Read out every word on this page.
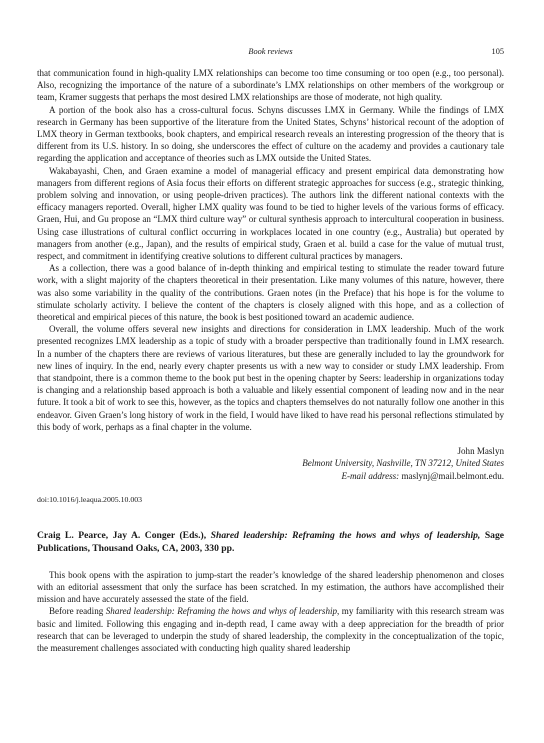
Book reviews	105

that communication found in high-quality LMX relationships can become too time consuming or too open (e.g., too personal). Also, recognizing the importance of the nature of a subordinate’s LMX relationships on other members of the workgroup or team, Kramer suggests that perhaps the most desired LMX relationships are those of moderate, not high quality.

A portion of the book also has a cross-cultural focus. Schyns discusses LMX in Germany. While the findings of LMX research in Germany has been supportive of the literature from the United States, Schyns’ historical recount of the adoption of LMX theory in German textbooks, book chapters, and empirical research reveals an interesting progression of the theory that is different from its U.S. history. In so doing, she underscores the effect of culture on the academy and provides a cautionary tale regarding the application and acceptance of theories such as LMX outside the United States.

Wakabayashi, Chen, and Graen examine a model of managerial efficacy and present empirical data demonstrating how managers from different regions of Asia focus their efforts on different strategic approaches for success (e.g., strategic thinking, problem solving and innovation, or using people-driven practices). The authors link the different national contexts with the efficacy managers reported. Overall, higher LMX quality was found to be tied to higher levels of the various forms of efficacy. Graen, Hui, and Gu propose an “LMX third culture way” or cultural synthesis approach to intercultural cooperation in business. Using case illustrations of cultural conflict occurring in workplaces located in one country (e.g., Australia) but operated by managers from another (e.g., Japan), and the results of empirical study, Graen et al. build a case for the value of mutual trust, respect, and commitment in identifying creative solutions to different cultural practices by managers.

As a collection, there was a good balance of in-depth thinking and empirical testing to stimulate the reader toward future work, with a slight majority of the chapters theoretical in their presentation. Like many volumes of this nature, however, there was also some variability in the quality of the contributions. Graen notes (in the Preface) that his hope is for the volume to stimulate scholarly activity. I believe the content of the chapters is closely aligned with this hope, and as a collection of theoretical and empirical pieces of this nature, the book is best positioned toward an academic audience.

Overall, the volume offers several new insights and directions for consideration in LMX leadership. Much of the work presented recognizes LMX leadership as a topic of study with a broader perspective than traditionally found in LMX research. In a number of the chapters there are reviews of various literatures, but these are generally included to lay the groundwork for new lines of inquiry. In the end, nearly every chapter presents us with a new way to consider or study LMX leadership. From that standpoint, there is a common theme to the book put best in the opening chapter by Seers: leadership in organizations today is changing and a relationship based approach is both a valuable and likely essential component of leading now and in the near future. It took a bit of work to see this, however, as the topics and chapters themselves do not naturally follow one another in this endeavor. Given Graen’s long history of work in the field, I would have liked to have read his personal reflections stimulated by this body of work, perhaps as a final chapter in the volume.

John Maslyn
Belmont University, Nashville, TN 37212, United States
E-mail address: maslynj@mail.belmont.edu.
doi:10.1016/j.leaqua.2005.10.003
Craig L. Pearce, Jay A. Conger (Eds.), Shared leadership: Reframing the hows and whys of leadership, Sage Publications, Thousand Oaks, CA, 2003, 330 pp.

This book opens with the aspiration to jump-start the reader’s knowledge of the shared leadership phenomenon and closes with an editorial assessment that only the surface has been scratched. In my estimation, the authors have accomplished their mission and have accurately assessed the state of the field.

Before reading Shared leadership: Reframing the hows and whys of leadership, my familiarity with this research stream was basic and limited. Following this engaging and in-depth read, I came away with a deep appreciation for the breadth of prior research that can be leveraged to underpin the study of shared leadership, the complexity in the conceptualization of the topic, the measurement challenges associated with conducting high quality shared leadership
